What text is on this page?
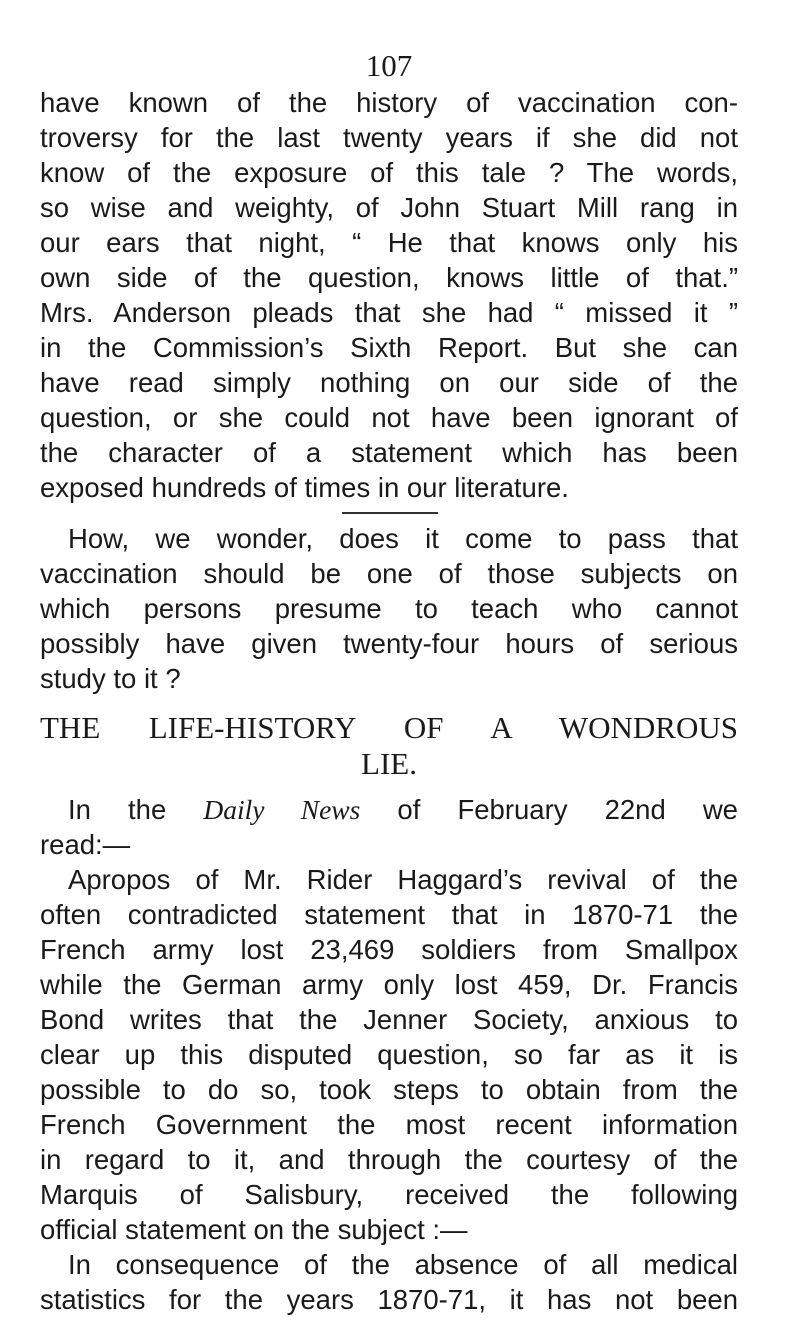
107
have known of the history of vaccination con-
troversy for the last twenty years if she did not
know of the exposure of this tale ? The words,
so wise and weighty, of John Stuart Mill rang in
our ears that night, “ He that knows only his
own side of the question, knows little of that.”
Mrs. Anderson pleads that she had “ missed it ”
in the Commission’s Sixth Report. But she can
have read simply nothing on our side of the
question, or she could not have been ignorant of
the character of a statement which has been
exposed hundreds of times in our literature.
How, we wonder, does it come to pass that
vaccination should be one of those subjects on
which persons presume to teach who cannot
possibly have given twenty-four hours of serious
study to it ?
THE LIFE-HISTORY OF A WONDROUS
LIE.
In the Daily News of February 22nd we
read:—
Apropos of Mr. Rider Haggard’s revival of the
often contradicted statement that in 1870-71 the
French army lost 23,469 soldiers from Smallpox
while the German army only lost 459, Dr. Francis
Bond writes that the Jenner Society, anxious to
clear up this disputed question, so far as it is
possible to do so, took steps to obtain from the
French Government the most recent information
in regard to it, and through the courtesy of the
Marquis of Salisbury, received the following
official statement on the subject :—
In consequence of the absence of all medical
statistics for the years 1870-71, it has not been
